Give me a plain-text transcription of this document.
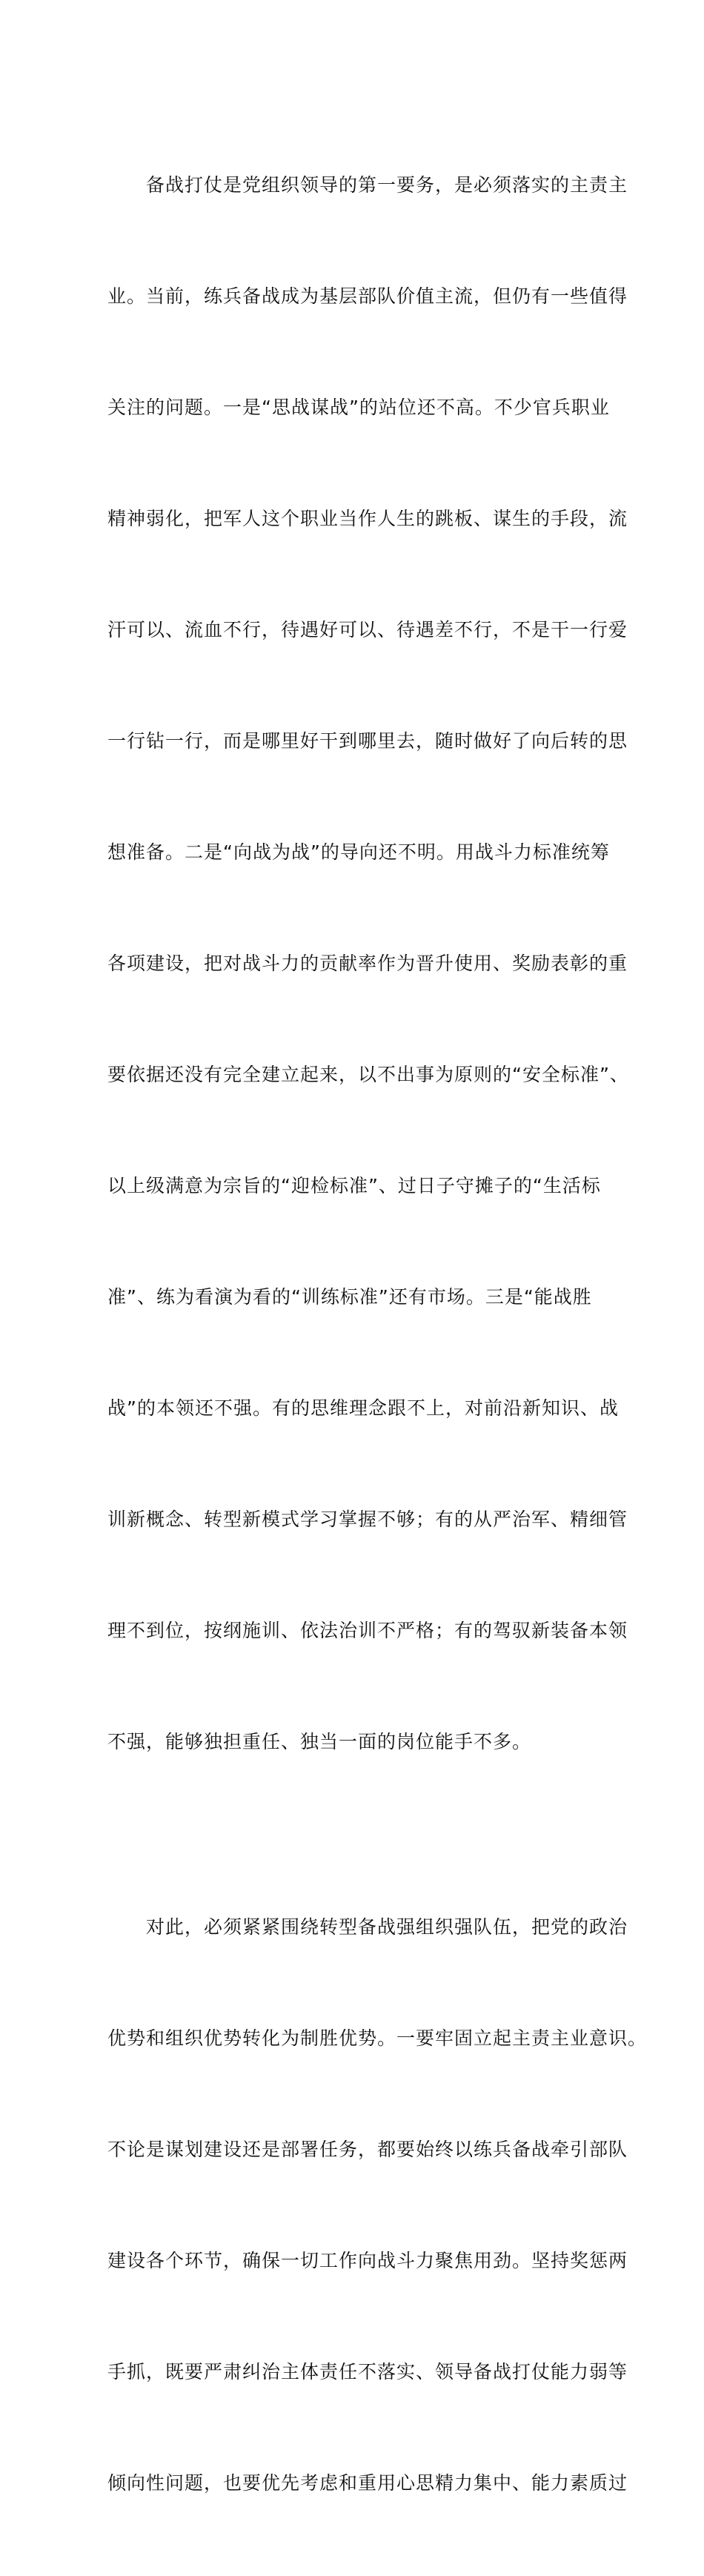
　　备战打仗是党组织领导的第一要务，是必须落实的主责主

业。当前，练兵备战成为基层部队价值主流，但仍有一些值得

关注的问题。一是“思战谋战”的站位还不高。不少官兵职业

精神弱化，把军人这个职业当作人生的跳板、谋生的手段，流

汗可以、流血不行，待遇好可以、待遇差不行，不是干一行爱

一行钻一行，而是哪里好干到哪里去，随时做好了向后转的思

想准备。二是“向战为战”的导向还不明。用战斗力标准统筹

各项建设，把对战斗力的贡献率作为晋升使用、奖励表彰的重

要依据还没有完全建立起来，以不出事为原则的“安全标准”、

以上级满意为宗旨的“迎检标准”、过日子守摊子的“生活标

准”、练为看演为看的“训练标准”还有市场。三是“能战胜

战”的本领还不强。有的思维理念跟不上，对前沿新知识、战

训新概念、转型新模式学习掌握不够；有的从严治军、精细管

理不到位，按纲施训、依法治训不严格；有的驾驭新装备本领

不强，能够独担重任、独当一面的岗位能手不多。

　　对此，必须紧紧围绕转型备战强组织强队伍，把党的政治

优势和组织优势转化为制胜优势。一要牢固立起主责主业意识。

不论是谋划建设还是部署任务，都要始终以练兵备战牵引部队

建设各个环节，确保一切工作向战斗力聚焦用劲。坚持奖惩两

手抓，既要严肃纠治主体责任不落实、领导备战打仗能力弱等

倾向性问题，也要优先考虑和重用心思精力集中、能力素质过
